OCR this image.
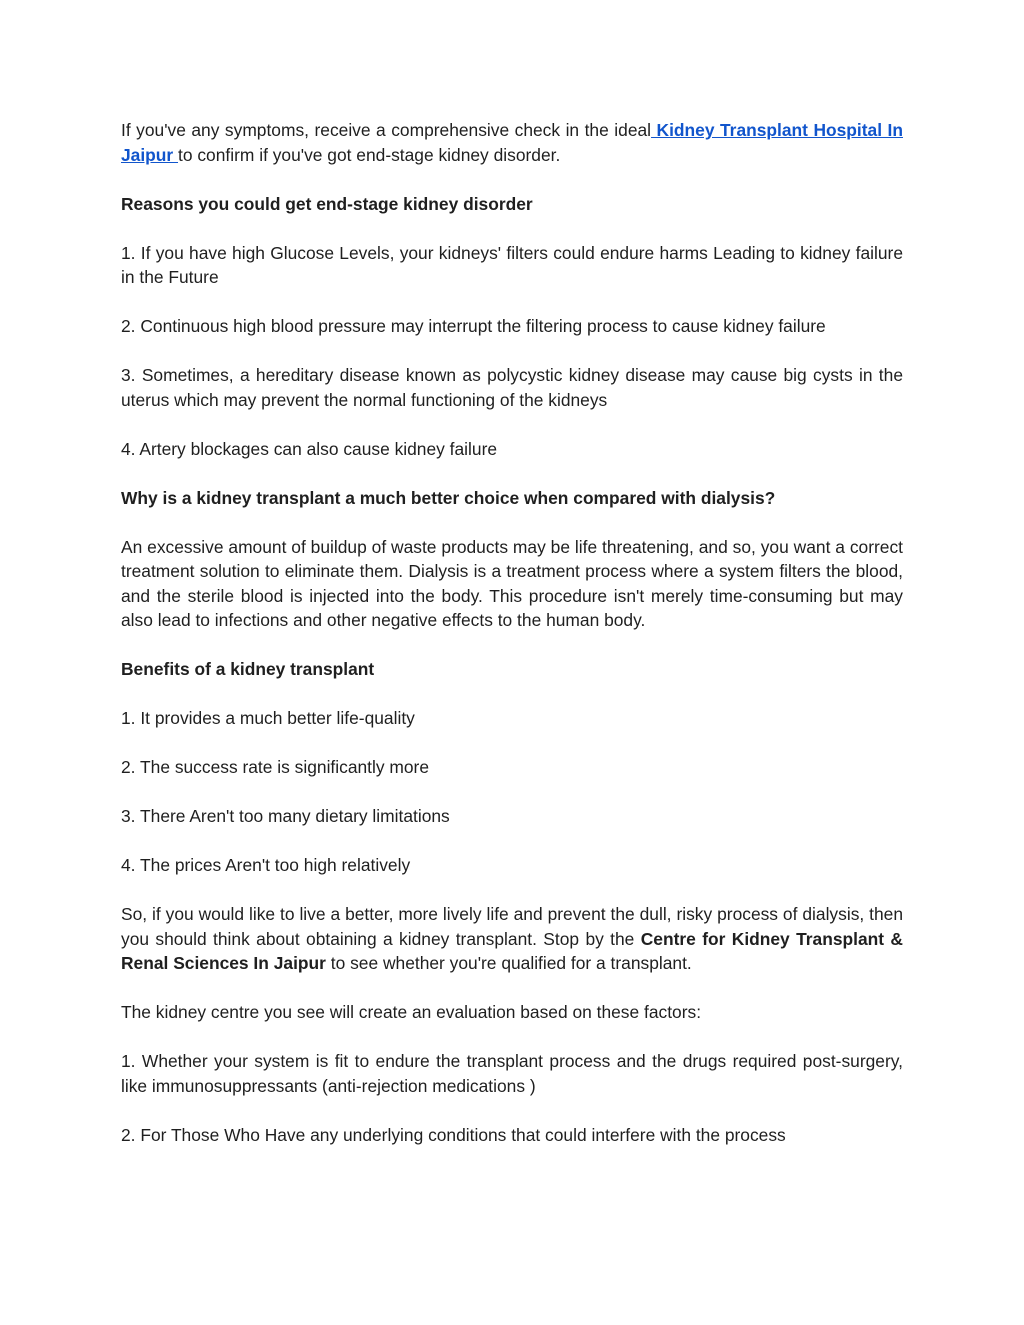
If you've any symptoms, receive a comprehensive check in the ideal Kidney Transplant Hospital In Jaipur to confirm if you've got end-stage kidney disorder.

Reasons you could get end-stage kidney disorder

1. If you have high Glucose Levels, your kidneys' filters could endure harms Leading to kidney failure in the Future

2. Continuous high blood pressure may interrupt the filtering process to cause kidney failure

3. Sometimes, a hereditary disease known as polycystic kidney disease may cause big cysts in the uterus which may prevent the normal functioning of the kidneys

4. Artery blockages can also cause kidney failure

Why is a kidney transplant a much better choice when compared with dialysis?

An excessive amount of buildup of waste products may be life threatening, and so, you want a correct treatment solution to eliminate them. Dialysis is a treatment process where a system filters the blood, and the sterile blood is injected into the body. This procedure isn't merely time-consuming but may also lead to infections and other negative effects to the human body.

Benefits of a kidney transplant

1. It provides a much better life-quality

2. The success rate is significantly more

3. There Aren't too many dietary limitations

4. The prices Aren't too high relatively

So, if you would like to live a better, more lively life and prevent the dull, risky process of dialysis, then you should think about obtaining a kidney transplant. Stop by the Centre for Kidney Transplant & Renal Sciences In Jaipur to see whether you're qualified for a transplant.

The kidney centre you see will create an evaluation based on these factors:

1. Whether your system is fit to endure the transplant process and the drugs required post-surgery, like immunosuppressants (anti-rejection medications )

2. For Those Who Have any underlying conditions that could interfere with the process
